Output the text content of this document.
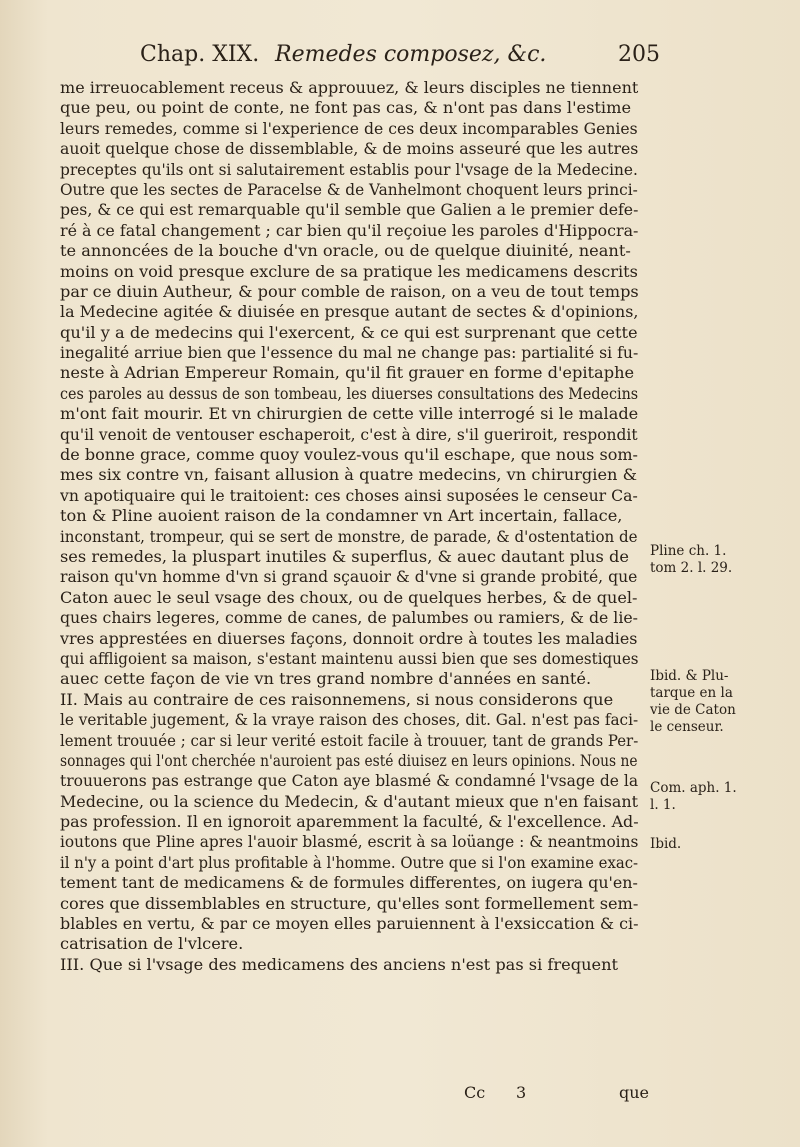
Chap. XIX. Remedes composez, &c.	205
me irreuocablement receus & approuuez, & leurs disciples ne tiennent
que peu, ou point de conte, ne font pas cas, & n'ont pas dans l'estime
leurs remedes, comme si l'experience de ces deux incomparables Genies
auoit quelque chose de dissemblable, & de moins asseuré que les autres
preceptes qu'ils ont si salutairement establis pour l'vsage de la Medecine.
Outre que les sectes de Paracelse & de Vanhelmont choquent leurs princi-
pes, & ce qui est remarquable qu'il semble que Galien a le premier defe-
ré à ce fatal changement ; car bien qu'il reçoiue les paroles d'Hippocra-
te annoncées de la bouche d'vn oracle, ou de quelque diuinité, neant-
moins on void presque exclure de sa pratique les medicamens descrits
par ce diuin Autheur, & pour comble de raison, on a veu de tout temps
la Medecine agitée & diuisée en presque autant de sectes & d'opinions,
qu'il y a de medecins qui l'exercent, & ce qui est surprenant que cette
inegalité arriue bien que l'essence du mal ne change pas: partialité si fu-
neste à Adrian Empereur Romain, qu'il fit grauer en forme d'epitaphe
ces paroles au dessus de son tombeau, les diuerses consultations des Medecins
m'ont fait mourir. Et vn chirurgien de cette ville interrogé si le malade
qu'il venoit de ventouser eschaperoit, c'est à dire, s'il gueriroit, respondit
de bonne grace, comme quoy voulez-vous qu'il eschape, que nous som-
mes six contre vn, faisant allusion à quatre medecins, vn chirurgien &
vn apotiquaire qui le traitoient: ces choses ainsi suposées le censeur Ca-
ton & Pline auoient raison de la condamner vn Art incertain, fallace,
inconstant, trompeur, qui se sert de monstre, de parade, & d'ostentation de
ses remedes, la pluspart inutiles & superflus, & auec dautant plus de
raison qu'vn homme d'vn si grand sçauoir & d'vne si grande probité, que
Caton auec le seul vsage des choux, ou de quelques herbes, & de quel-
ques chairs legeres, comme de canes, de palumbes ou ramiers, & de lie-
vres apprestées en diuerses façons, donnoit ordre à toutes les maladies
qui affligoient sa maison, s'estant maintenu aussi bien que ses domestiques
auec cette façon de vie vn tres grand nombre d'années en santé.
II. Mais au contraire de ces raisonnemens, si nous considerons que
le veritable jugement, & la vraye raison des choses, dit. Gal. n'est pas faci-
lement trouuée ; car si leur verité estoit facile à trouuer, tant de grands Per-
sonnages qui l'ont cherchée n'auroient pas esté diuisez en leurs opinions. Nous ne
trouuerons pas estrange que Caton aye blasmé & condamné l'vsage de la
Medecine, ou la science du Medecin, & d'autant mieux que n'en faisant
pas profession. Il en ignoroit aparemment la faculté, & l'excellence. Ad-
ioutons que Pline apres l'auoir blasmé, escrit à sa loüange : & neantmoins
il n'y a point d'art plus profitable à l'homme. Outre que si l'on examine exac-
tement tant de medicamens & de formules differentes, on iugera qu'en-
cores que dissemblables en structure, qu'elles sont formellement sem-
blables en vertu, & par ce moyen elles paruiennent à l'exsiccation & ci-
catrisation de l'vlcere.
III. Que si l'vsage des medicamens des anciens n'est pas si frequent
Pline ch. 1.
tom 2. l. 29.
Ibid. & Plu-
tarque en la
vie de Caton
le censeur.
Com. aph. 1.
l. 1.
Ibid.
Cc 3	que
